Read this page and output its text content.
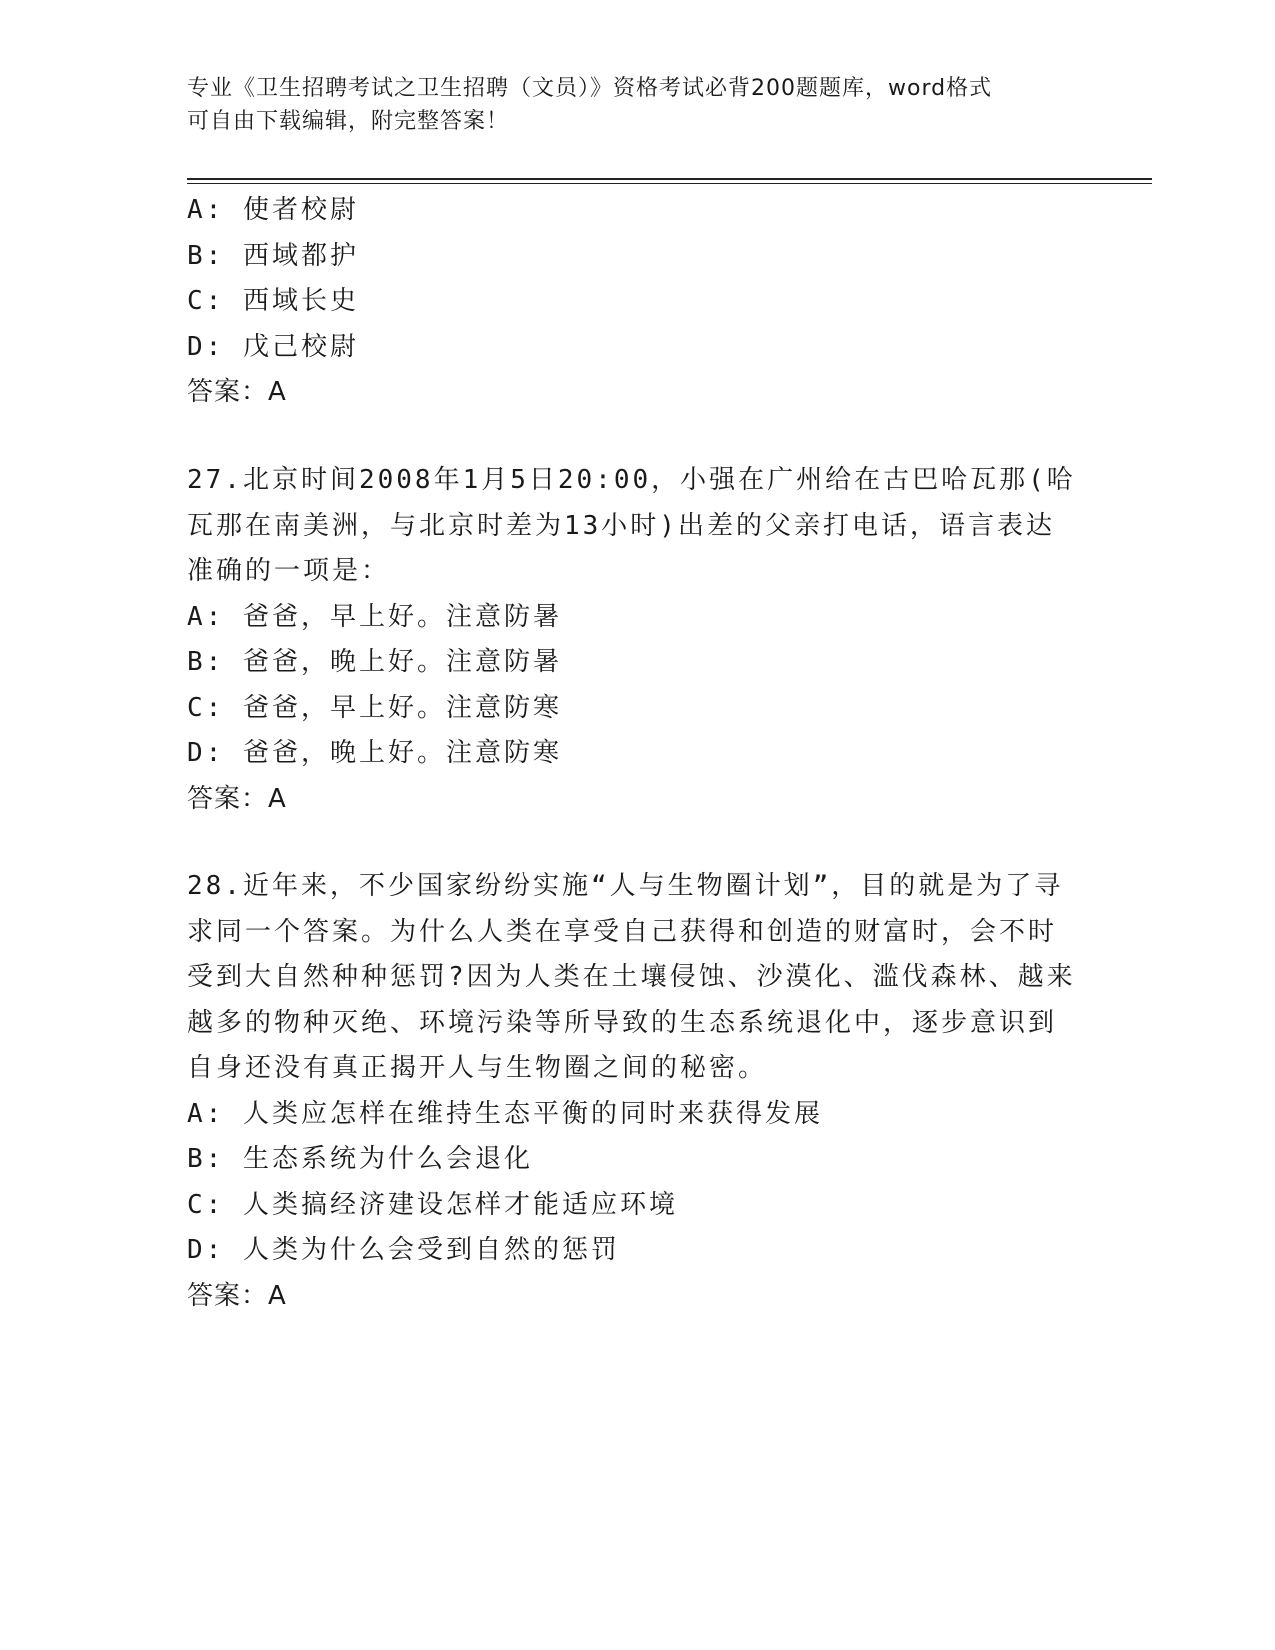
专业《卫生招聘考试之卫生招聘（文员）》资格考试必背200题题库，word格式
可自由下载编辑，附完整答案！
A: 使者校尉
B: 西域都护
C: 西域长史
D: 戊己校尉
答案：A
27.北京时间2008年1月5日20:00，小强在广州给在古巴哈瓦那(哈
瓦那在南美洲，与北京时差为13小时)出差的父亲打电话，语言表达
准确的一项是：
A: 爸爸，早上好。注意防暑
B: 爸爸，晚上好。注意防暑
C: 爸爸，早上好。注意防寒
D: 爸爸，晚上好。注意防寒
答案：A
28.近年来，不少国家纷纷实施“人与生物圈计划”，目的就是为了寻
求同一个答案。为什么人类在享受自己获得和创造的财富时，会不时
受到大自然种种惩罚?因为人类在土壤侵蚀、沙漠化、滥伐森林、越来
越多的物种灭绝、环境污染等所导致的生态系统退化中，逐步意识到
自身还没有真正揭开人与生物圈之间的秘密。
A: 人类应怎样在维持生态平衡的同时来获得发展
B: 生态系统为什么会退化
C: 人类搞经济建设怎样才能适应环境
D: 人类为什么会受到自然的惩罚
答案：A
